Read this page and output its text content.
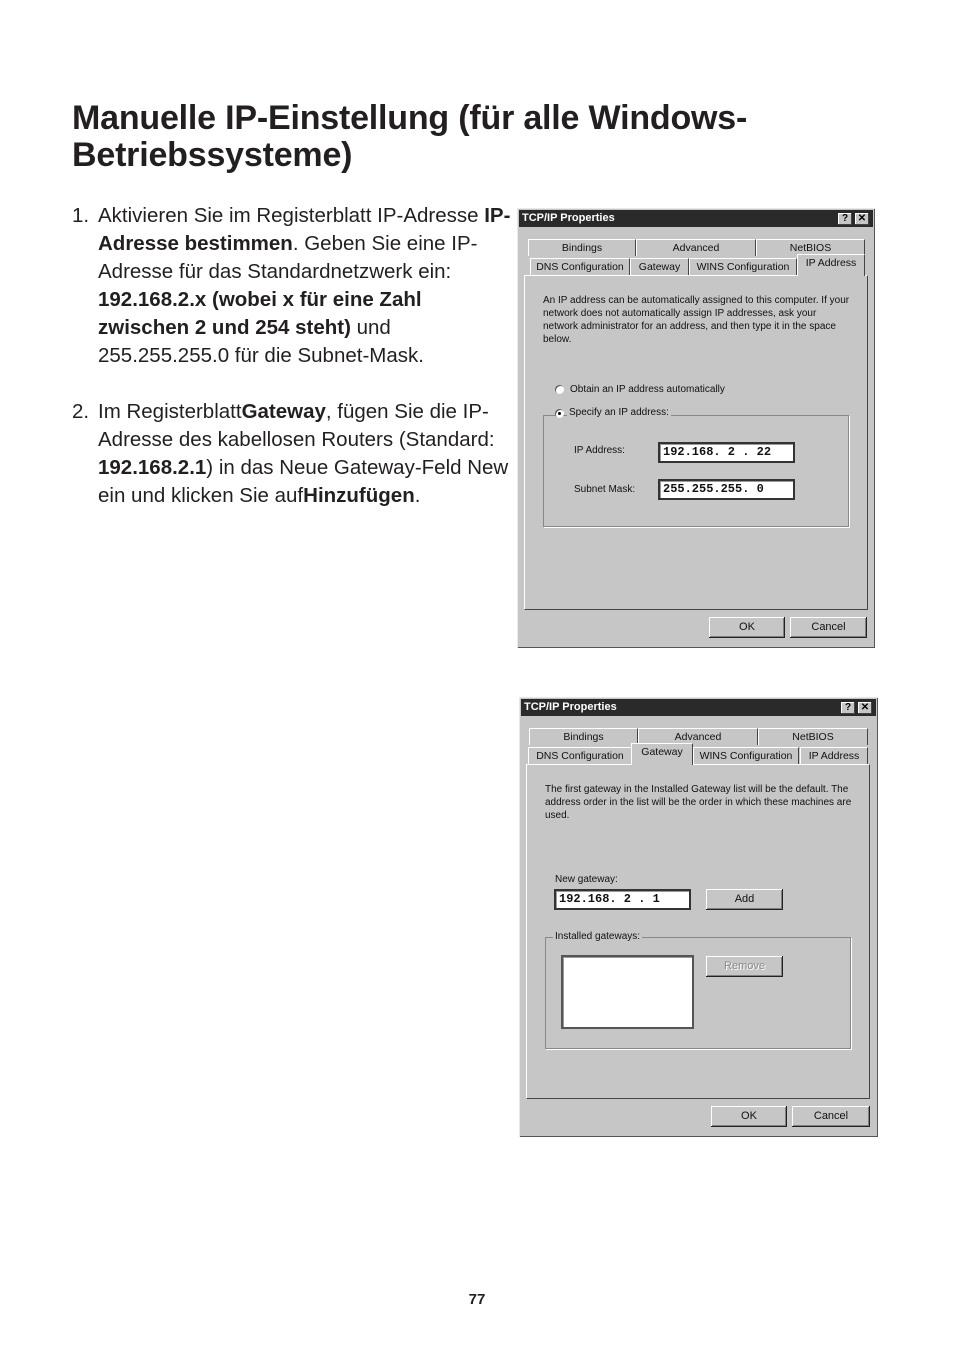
Manuelle IP-Einstellung (für alle Windows-Betriebssysteme)
1. Aktivieren Sie im Registerblatt IP-Adresse IP-Adresse bestimmen. Geben Sie eine IP-Adresse für das Standardnetzwerk ein: 192.168.2.x (wobei x für eine Zahl zwischen 2 und 254 steht) und 255.255.255.0 für die Subnet-Mask.
2. Im RegisterblattGateway, fügen Sie die IP-Adresse des kabellosen Routers (Standard: 192.168.2.1) in das Neue Gateway-Feld New ein und klicken Sie aufHinzufügen.
TCP/IP Properties	? ✕
Bindings	Advanced	NetBIOS
DNS Configuration	Gateway	WINS Configuration	IP Address
An IP address can be automatically assigned to this computer. If your network does not automatically assign IP addresses, ask your network administrator for an address, and then type it in the space below.
Obtain an IP address automatically
Specify an IP address:
IP Address:	192.168. 2 . 22
Subnet Mask:	255.255.255. 0
OK	Cancel
TCP/IP Properties	? ✕
Bindings	Advanced	NetBIOS
DNS Configuration	Gateway	WINS Configuration	IP Address
The first gateway in the Installed Gateway list will be the default. The address order in the list will be the order in which these machines are used.
New gateway:
192.168. 2 . 1	Add
Installed gateways:
Remove
OK	Cancel
77
